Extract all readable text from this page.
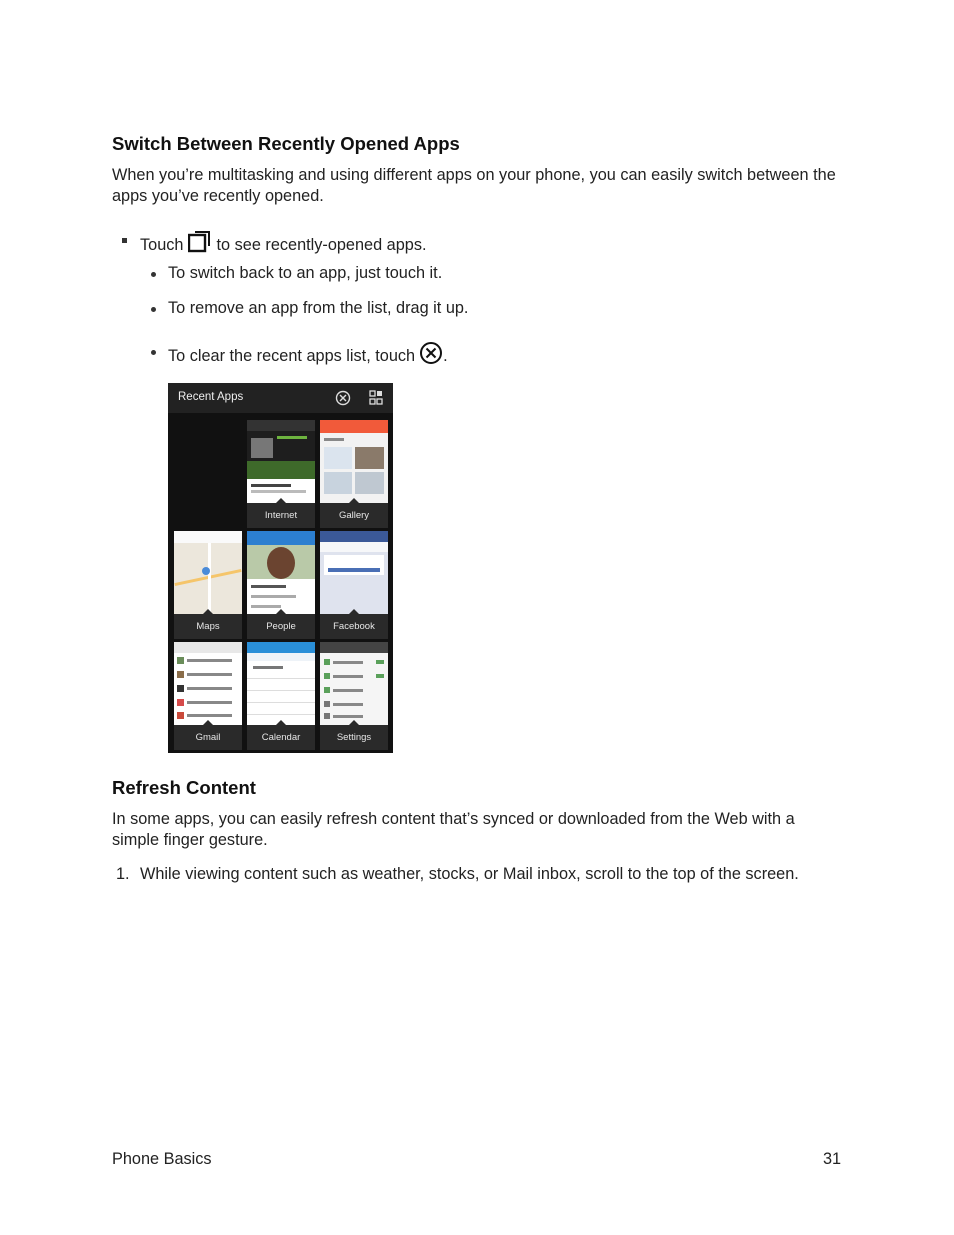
Switch Between Recently Opened Apps

When you’re multitasking and using different apps on your phone, you can easily switch between the apps you’ve recently opened.

Touch to see recently-opened apps.
To switch back to an app, just touch it.
To remove an app from the list, drag it up.
To clear the recent apps list, touch .
Recent Apps
Internet	Gallery
Maps	People	Facebook
Gmail	Calendar	Settings
Refresh Content

In some apps, you can easily refresh content that’s synced or downloaded from the Web with a simple finger gesture.

1. While viewing content such as weather, stocks, or Mail inbox, scroll to the top of the screen.
Phone Basics	31
